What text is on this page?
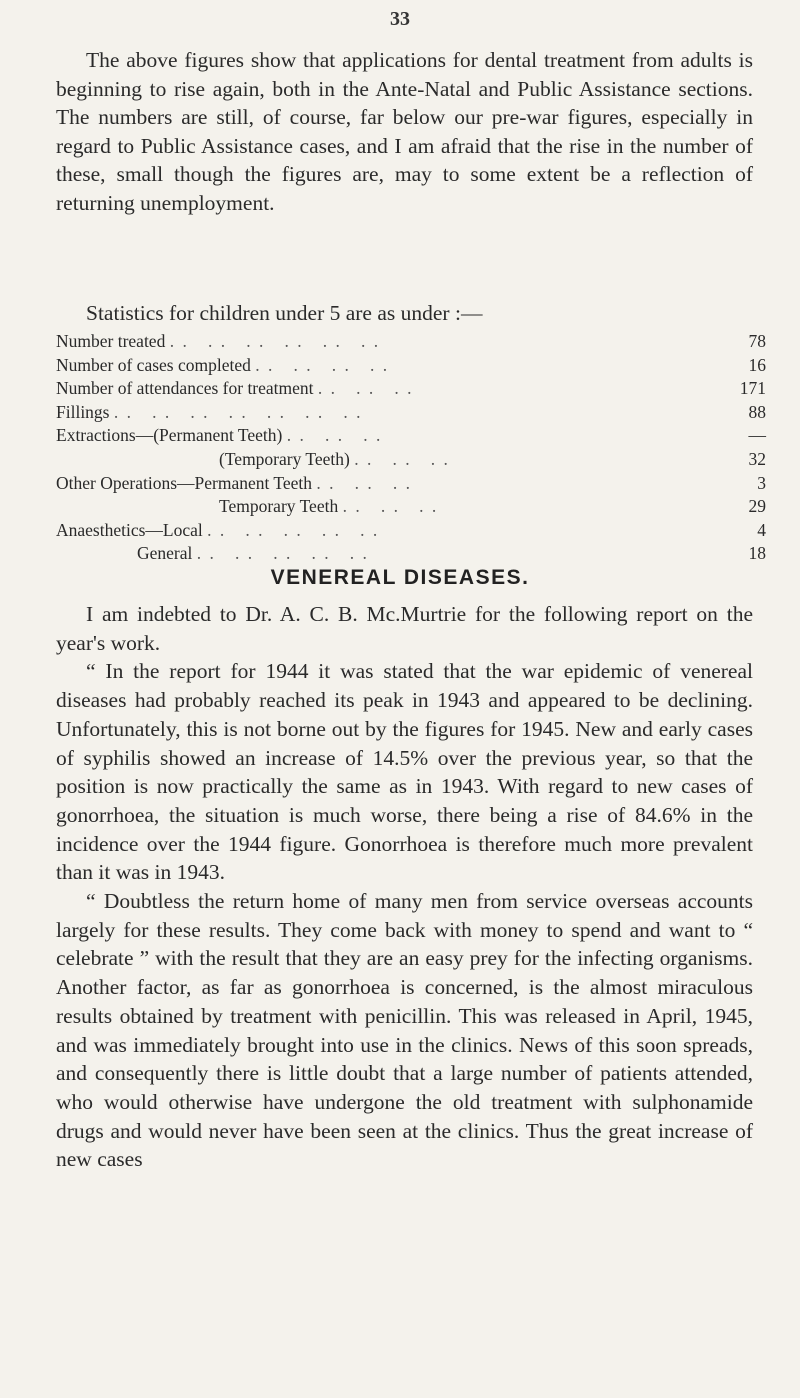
33

The above figures show that applications for dental treatment from adults is beginning to rise again, both in the Ante-Natal and Public Assistance sections. The numbers are still, of course, far below our pre-war figures, especially in regard to Public Assistance cases, and I am afraid that the rise in the number of these, small though the figures are, may to some extent be a reflection of returning unemployment.

Statistics for children under 5 are as under :—
Number treated . .   . .   . .   . .   . .   . .	78
Number of cases completed . .   . .   . .   . .	16
Number of attendances for treatment . .   . .   . .	171
Fillings . .   . .   . .   . .   . .   . .   . .	88
Extractions—(Permanent Teeth) . .   . .   . .	—
(Temporary Teeth) . .   . .   . .	32
Other Operations—Permanent Teeth . .   . .   . .	3
Temporary Teeth . .   . .   . .	29
Anaesthetics—Local . .   . .   . .   . .   . .	4
General . .   . .   . .   . .   . .	18
VENEREAL DISEASES.

I am indebted to Dr. A. C. B. Mc.Murtrie for the following report on the year's work.

“ In the report for 1944 it was stated that the war epidemic of venereal diseases had probably reached its peak in 1943 and appeared to be declining. Unfortunately, this is not borne out by the figures for 1945. New and early cases of syphilis showed an increase of 14.5% over the previous year, so that the position is now practically the same as in 1943. With regard to new cases of gonorrhoea, the situation is much worse, there being a rise of 84.6% in the incidence over the 1944 figure. Gonorrhoea is therefore much more prevalent than it was in 1943.

“ Doubtless the return home of many men from service overseas accounts largely for these results. They come back with money to spend and want to “ celebrate ” with the result that they are an easy prey for the infecting organisms. Another factor, as far as gonorrhoea is concerned, is the almost miraculous results obtained by treatment with penicillin. This was released in April, 1945, and was immediately brought into use in the clinics. News of this soon spreads, and consequently there is little doubt that a large number of patients attended, who would otherwise have undergone the old treatment with sulphonamide drugs and would never have been seen at the clinics. Thus the great increase of new cases
